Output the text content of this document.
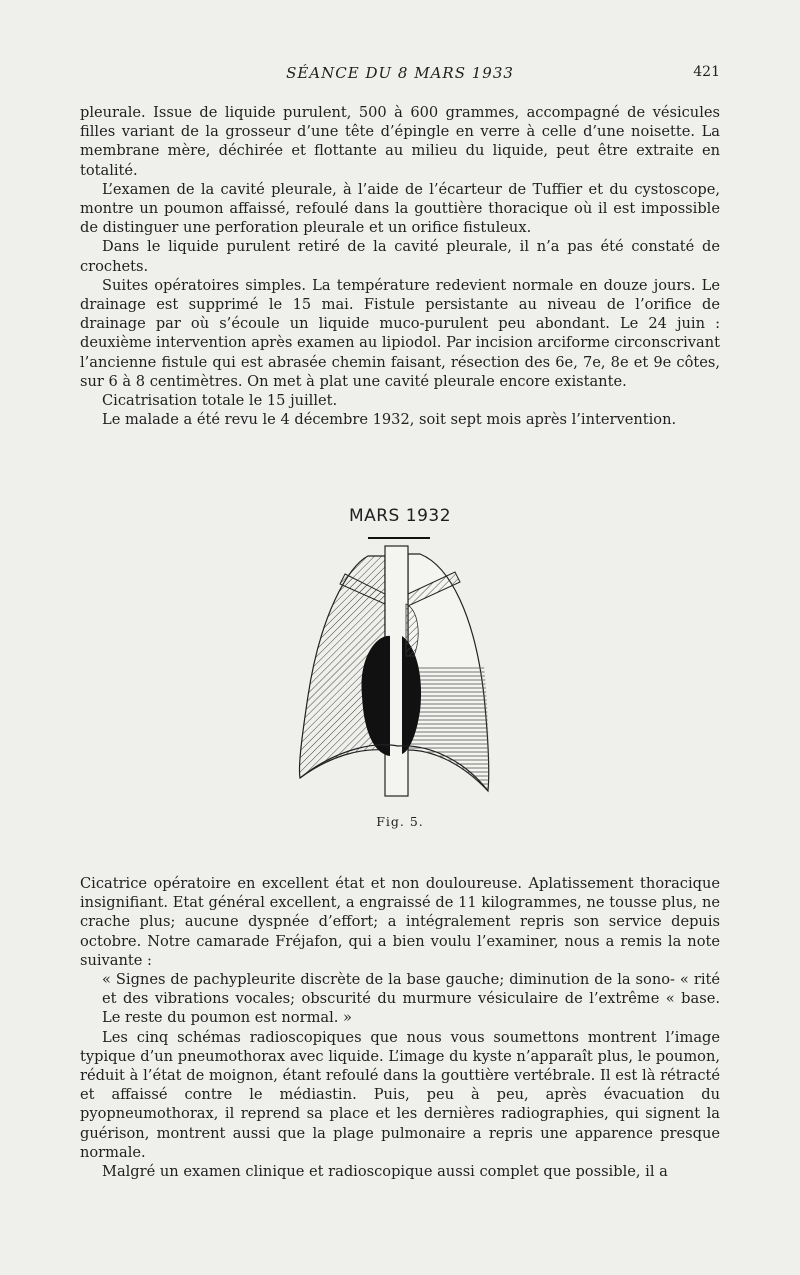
SÉANCE DU 8 MARS 1933	421

pleurale. Issue de liquide purulent, 500 à 600 grammes, accompagné de vésicules filles variant de la grosseur d’une tête d’épingle en verre à celle d’une noisette. La membrane mère, déchirée et flottante au milieu du liquide, peut être extraite en totalité.

L’examen de la cavité pleurale, à l’aide de l’écarteur de Tuffier et du cystoscope, montre un poumon affaissé, refoulé dans la gouttière thoracique où il est impossible de distinguer une perforation pleurale et un orifice fistuleux.

Dans le liquide purulent retiré de la cavité pleurale, il n’a pas été constaté de crochets.

Suites opératoires simples. La température redevient normale en douze jours. Le drainage est supprimé le 15 mai. Fistule persistante au niveau de l’orifice de drainage par où s’écoule un liquide muco-purulent peu abondant. Le 24 juin : deuxième intervention après examen au lipiodol. Par incision arciforme circonscrivant l’ancienne fistule qui est abrasée chemin faisant, résection des 6e, 7e, 8e et 9e côtes, sur 6 à 8 centimètres. On met à plat une cavité pleurale encore existante.

Cicatrisation totale le 15 juillet.

Le malade a été revu le 4 décembre 1932, soit sept mois après l’intervention.

MARS 1932
Fig. 5.

Cicatrice opératoire en excellent état et non douloureuse. Aplatissement thoracique insignifiant. Etat général excellent, a engraissé de 11 kilogrammes, ne tousse plus, ne crache plus; aucune dyspnée d’effort; a intégralement repris son service depuis octobre. Notre camarade Fréjafon, qui a bien voulu l’examiner, nous a remis la note suivante :

« Signes de pachypleurite discrète de la base gauche; diminution de la sono- « rité et des vibrations vocales; obscurité du murmure vésiculaire de l’extrême « base. Le reste du poumon est normal. »

Les cinq schémas radioscopiques que nous vous soumettons montrent l’image typique d’un pneumothorax avec liquide. L’image du kyste n’apparaît plus, le poumon, réduit à l’état de moignon, étant refoulé dans la gouttière vertébrale. Il est là rétracté et affaissé contre le médiastin. Puis, peu à peu, après évacuation du pyopneumothorax, il reprend sa place et les dernières radiographies, qui signent la guérison, montrent aussi que la plage pulmonaire a repris une apparence presque normale.

Malgré un examen clinique et radioscopique aussi complet que possible, il a
